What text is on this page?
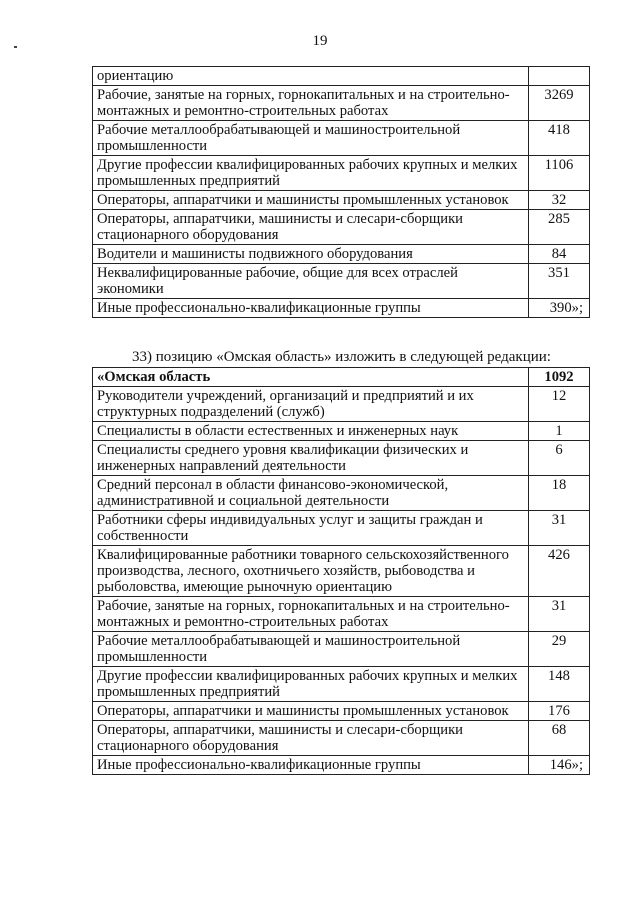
19
ориентацию	
Рабочие, занятые на горных, горнокапитальных и на строительно-монтажных и ремонтно-строительных работах	3269
Рабочие металлообрабатывающей и машиностроительной промышленности	418
Другие профессии квалифицированных рабочих крупных и мелких промышленных предприятий	1106
Операторы, аппаратчики и машинисты промышленных установок	32
Операторы, аппаратчики, машинисты и слесари-сборщики стационарного оборудования	285
Водители и машинисты подвижного оборудования	84
Неквалифицированные рабочие, общие для всех отраслей экономики	351
Иные профессионально-квалификационные группы	390»;
33) позицию «Омская область» изложить в следующей редакции:
«Омская область	1092
Руководители учреждений, организаций и предприятий и их структурных подразделений (служб)	12
Специалисты в области естественных и инженерных наук	1
Специалисты среднего уровня квалификации физических и инженерных направлений деятельности	6
Средний персонал в области финансово-экономической, административной и социальной деятельности	18
Работники сферы индивидуальных услуг и защиты граждан и собственности	31
Квалифицированные работники товарного сельскохозяйственного производства, лесного, охотничьего хозяйств, рыбоводства и рыболовства, имеющие рыночную ориентацию	426
Рабочие, занятые на горных, горнокапитальных и на строительно-монтажных и ремонтно-строительных работах	31
Рабочие металлообрабатывающей и машиностроительной промышленности	29
Другие профессии квалифицированных рабочих крупных и мелких промышленных предприятий	148
Операторы, аппаратчики и машинисты промышленных установок	176
Операторы, аппаратчики, машинисты и слесари-сборщики стационарного оборудования	68
Иные профессионально-квалификационные группы	146»;
